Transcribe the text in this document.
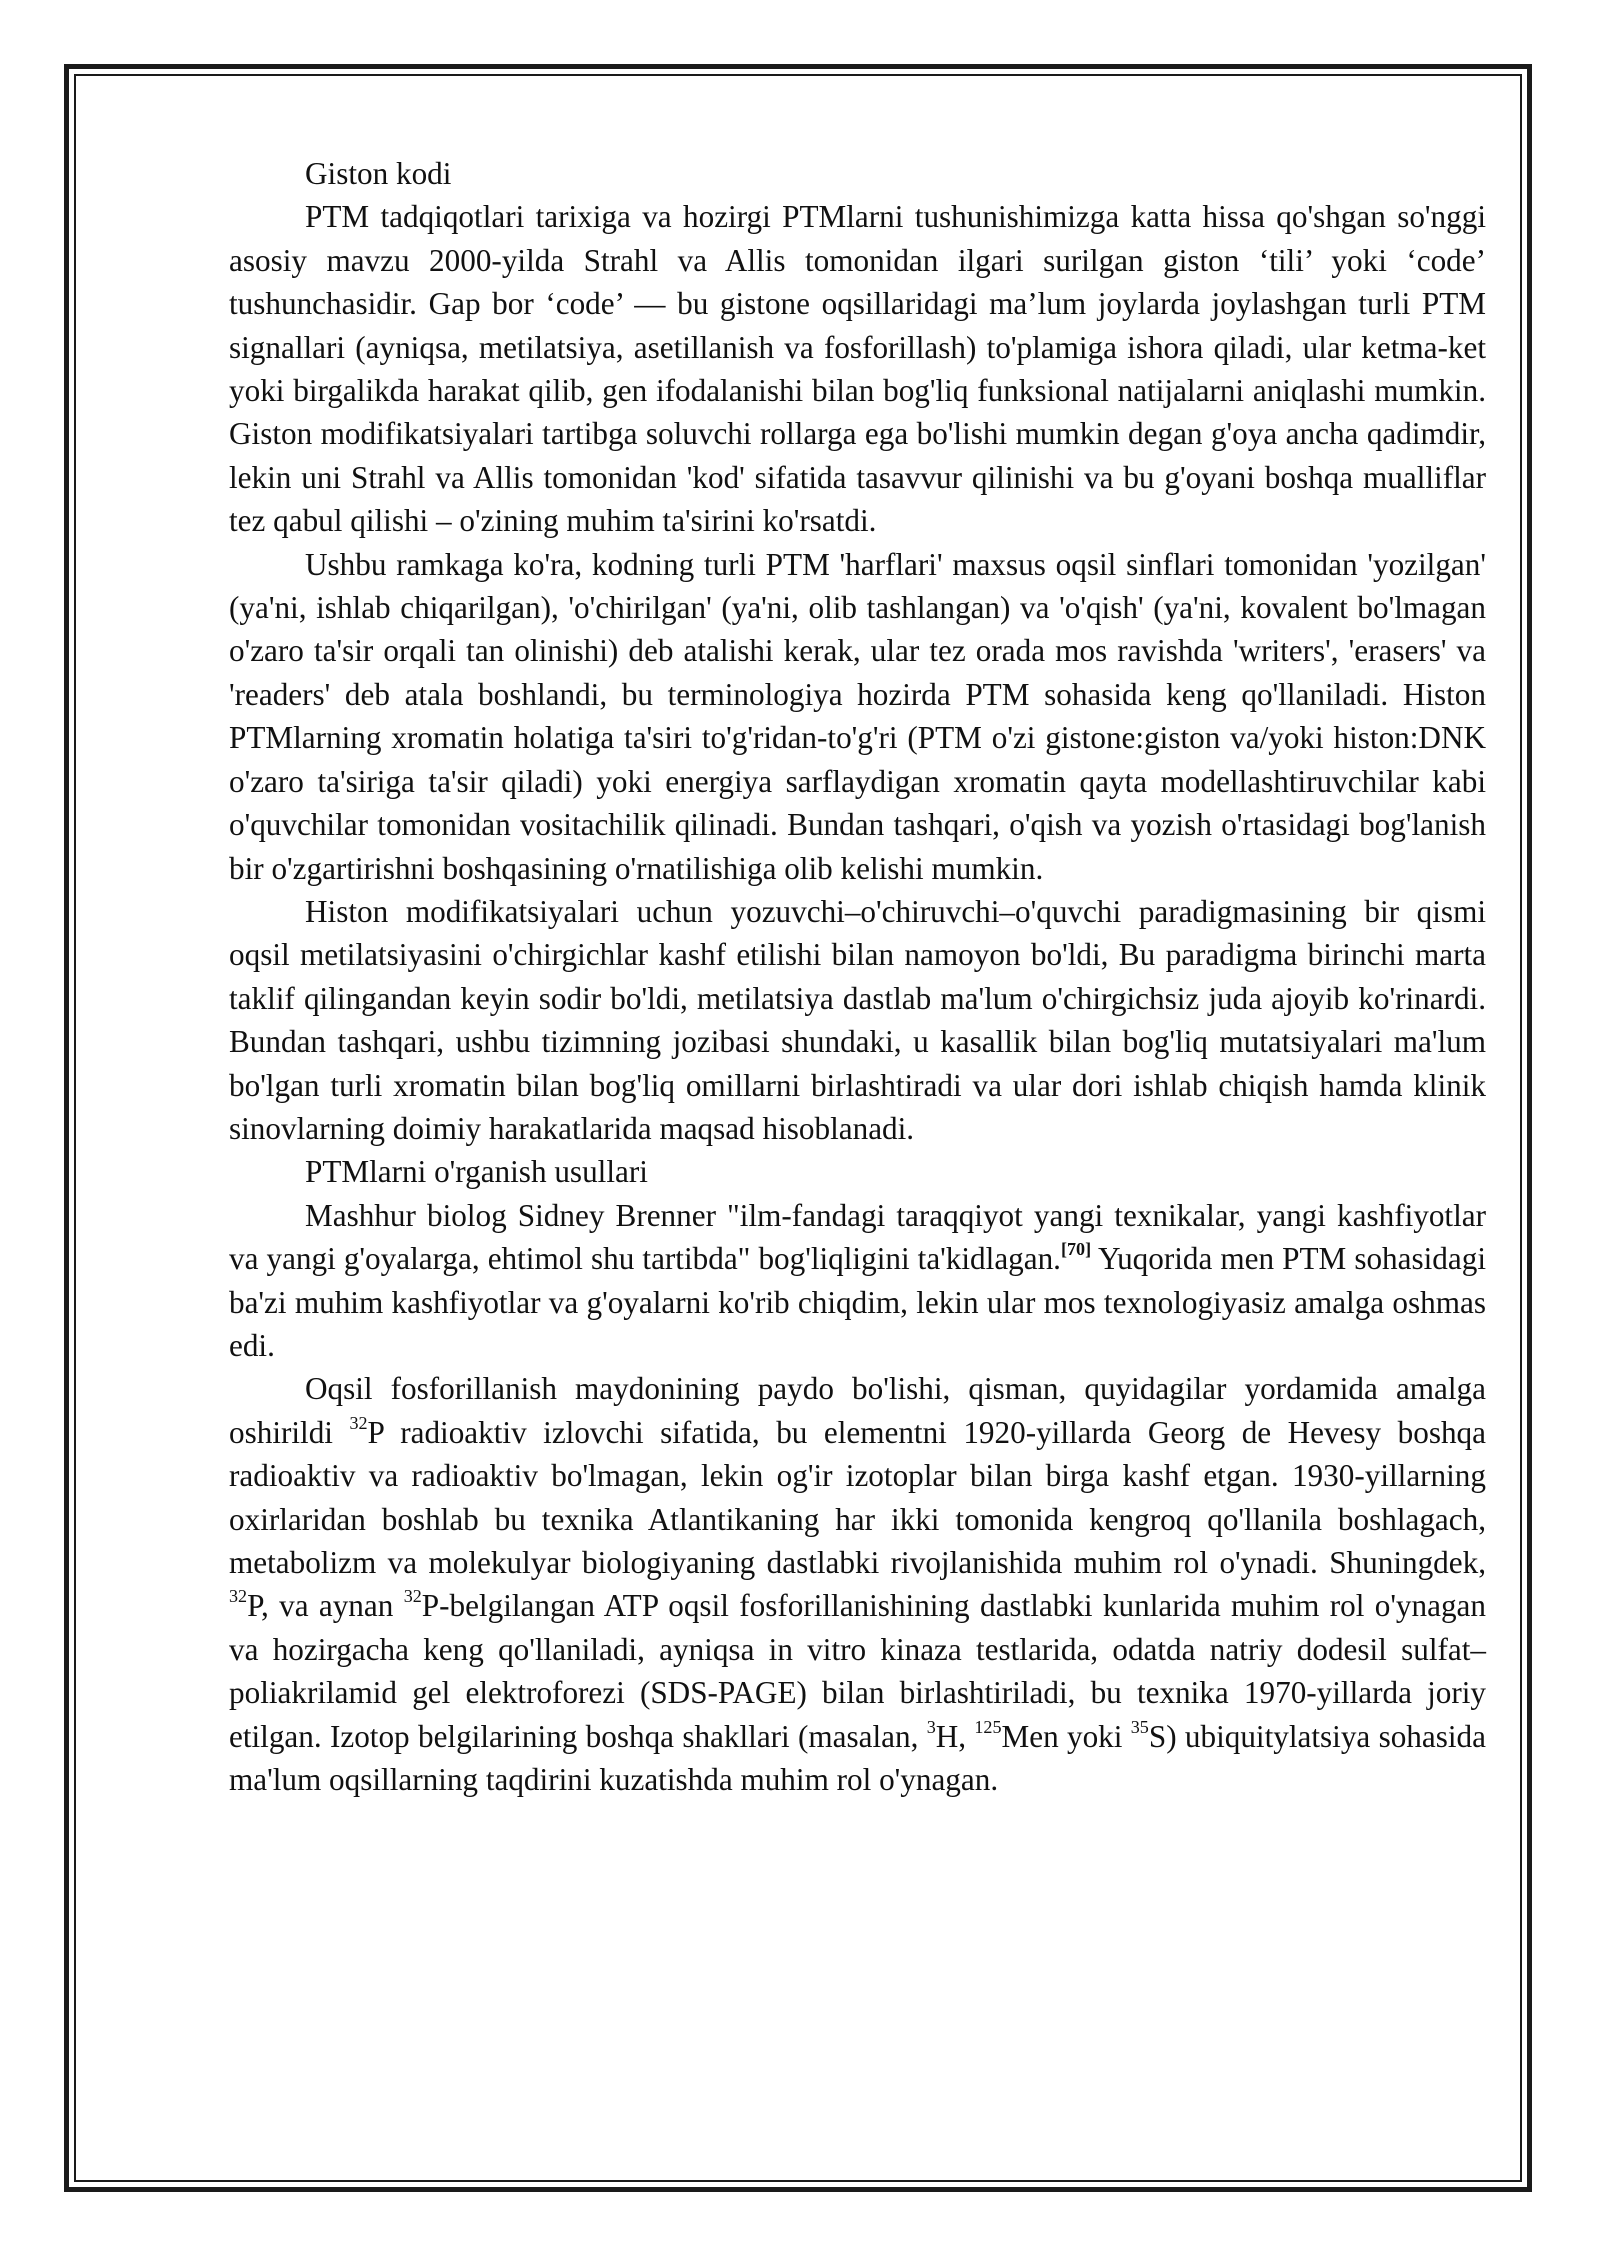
Giston kodi

PTM tadqiqotlari tarixiga va hozirgi PTMlarni tushunishimizga katta hissa qo'shgan so'nggi asosiy mavzu 2000-yilda Strahl va Allis tomonidan ilgari surilgan giston ‘tili’ yoki ‘code’ tushunchasidir. Gap bor ‘code’ — bu gistone oqsillaridagi ma’lum joylarda joylashgan turli PTM signallari (ayniqsa, metilatsiya, asetillanish va fosforillash) to'plamiga ishora qiladi, ular ketma-ket yoki birgalikda harakat qilib, gen ifodalanishi bilan bog'liq funksional natijalarni aniqlashi mumkin. Giston modifikatsiyalari tartibga soluvchi rollarga ega bo'lishi mumkin degan g'oya ancha qadimdir, lekin uni Strahl va Allis tomonidan 'kod' sifatida tasavvur qilinishi va bu g'oyani boshqa mualliflar tez qabul qilishi – o'zining muhim ta'sirini ko'rsatdi.

Ushbu ramkaga ko'ra, kodning turli PTM 'harflari' maxsus oqsil sinflari tomonidan 'yozilgan' (ya'ni, ishlab chiqarilgan), 'o'chirilgan' (ya'ni, olib tashlangan) va 'o'qish' (ya'ni, kovalent bo'lmagan o'zaro ta'sir orqali tan olinishi) deb atalishi kerak, ular tez orada mos ravishda 'writers', 'erasers' va 'readers' deb atala boshlandi, bu terminologiya hozirda PTM sohasida keng qo'llaniladi. Histon PTMlarning xromatin holatiga ta'siri to'g'ridan-to'g'ri (PTM o'zi gistone:giston va/yoki histon:DNK o'zaro ta'siriga ta'sir qiladi) yoki energiya sarflaydigan xromatin qayta modellashtiruvchilar kabi o'quvchilar tomonidan vositachilik qilinadi. Bundan tashqari, o'qish va yozish o'rtasidagi bog'lanish bir o'zgartirishni boshqasining o'rnatilishiga olib kelishi mumkin.

Histon modifikatsiyalari uchun yozuvchi–o'chiruvchi–o'quvchi paradigmasining bir qismi oqsil metilatsiyasini o'chirgichlar kashf etilishi bilan namoyon bo'ldi, Bu paradigma birinchi marta taklif qilingandan keyin sodir bo'ldi, metilatsiya dastlab ma'lum o'chirgichsiz juda ajoyib ko'rinardi. Bundan tashqari, ushbu tizimning jozibasi shundaki, u kasallik bilan bog'liq mutatsiyalari ma'lum bo'lgan turli xromatin bilan bog'liq omillarni birlashtiradi va ular dori ishlab chiqish hamda klinik sinovlarning doimiy harakatlarida maqsad hisoblanadi.

PTMlarni o'rganish usullari

Mashhur biolog Sidney Brenner "ilm-fandagi taraqqiyot yangi texnikalar, yangi kashfiyotlar va yangi g'oyalarga, ehtimol shu tartibda" bog'liqligini ta'kidlagan.[70] Yuqorida men PTM sohasidagi ba'zi muhim kashfiyotlar va g'oyalarni ko'rib chiqdim, lekin ular mos texnologiyasiz amalga oshmas edi.

Oqsil fosforillanish maydonining paydo bo'lishi, qisman, quyidagilar yordamida amalga oshirildi $^{32}$P radioaktiv izlovchi sifatida, bu elementni 1920-yillarda Georg de Hevesy boshqa radioaktiv va radioaktiv bo'lmagan, lekin og'ir izotoplar bilan birga kashf etgan. 1930-yillarning oxirlaridan boshlab bu texnika Atlantikaning har ikki tomonida kengroq qo'llanila boshlagach, metabolizm va molekulyar biologiyaning dastlabki rivojlanishida muhim rol o'ynadi. Shuningdek, $^{32}$P, va aynan $^{32}$P-belgilangan ATP oqsil fosforillanishining dastlabki kunlarida muhim rol o'ynagan va hozirgacha keng qo'llaniladi, ayniqsa in vitro kinaza testlarida, odatda natriy dodesil sulfat–poliakrilamid gel elektroforezi (SDS-PAGE) bilan birlashtiriladi, bu texnika 1970-yillarda joriy etilgan. Izotop belgilarining boshqa shakllari (masalan, $^3$H, $^{125}$Men yoki $^{35}$S) ubiquitylatsiya sohasida ma'lum oqsillarning taqdirini kuzatishda muhim rol o'ynagan.
